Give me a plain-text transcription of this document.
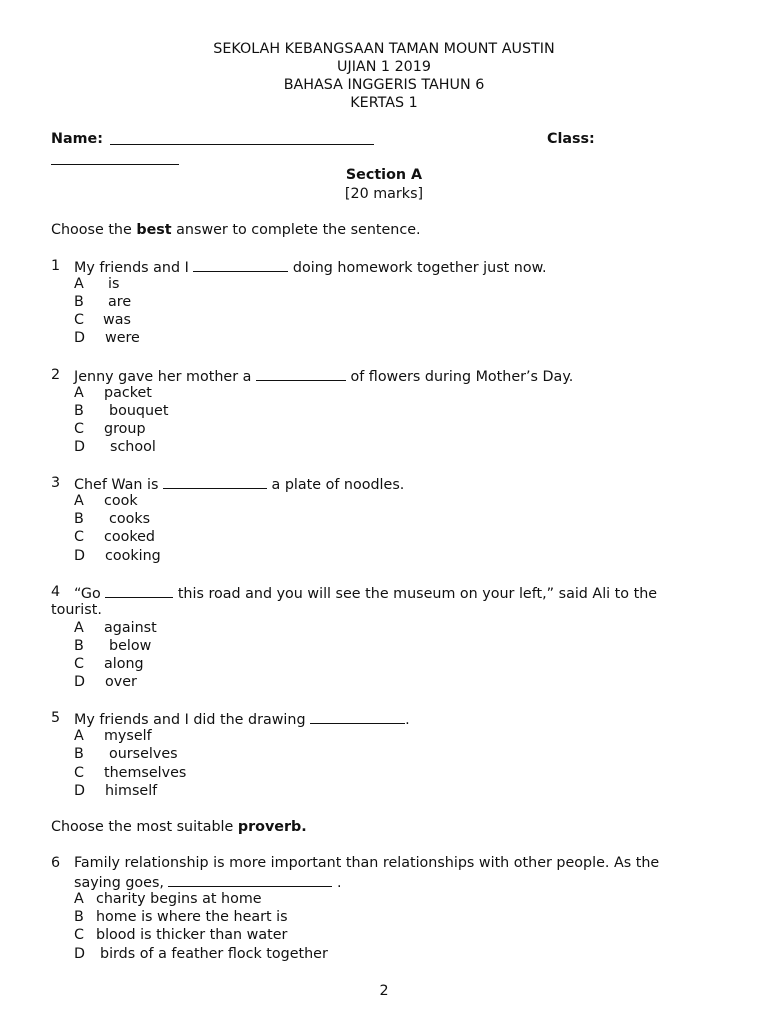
SEKOLAH KEBANGSAAN TAMAN MOUNT AUSTIN
UJIAN 1 2019
BAHASA INGGERIS TAHUN 6
KERTAS 1
Name:	Class:
Section A
[20 marks]
Choose the best answer to complete the sentence.
1 My friends and I	doing homework together just now.
A is
B are
C was
D were
2 Jenny gave her mother a	of flowers during Mother’s Day.
A packet
B bouquet
C group
D school
3 Chef Wan is	a plate of noodles.
A cook
B cooks
C cooked
D cooking
4 “Go	this road and you will see the museum on your left,” said Ali to the
tourist.
A against
B below
C along
D over
5 My friends and I did the drawing	.
A myself
B ourselves
C themselves
D himself
Choose the most suitable proverb.
6 Family relationship is more important than relationships with other people. As the
saying goes,	.
A charity begins at home
B home is where the heart is
C blood is thicker than water
D birds of a feather flock together
2
